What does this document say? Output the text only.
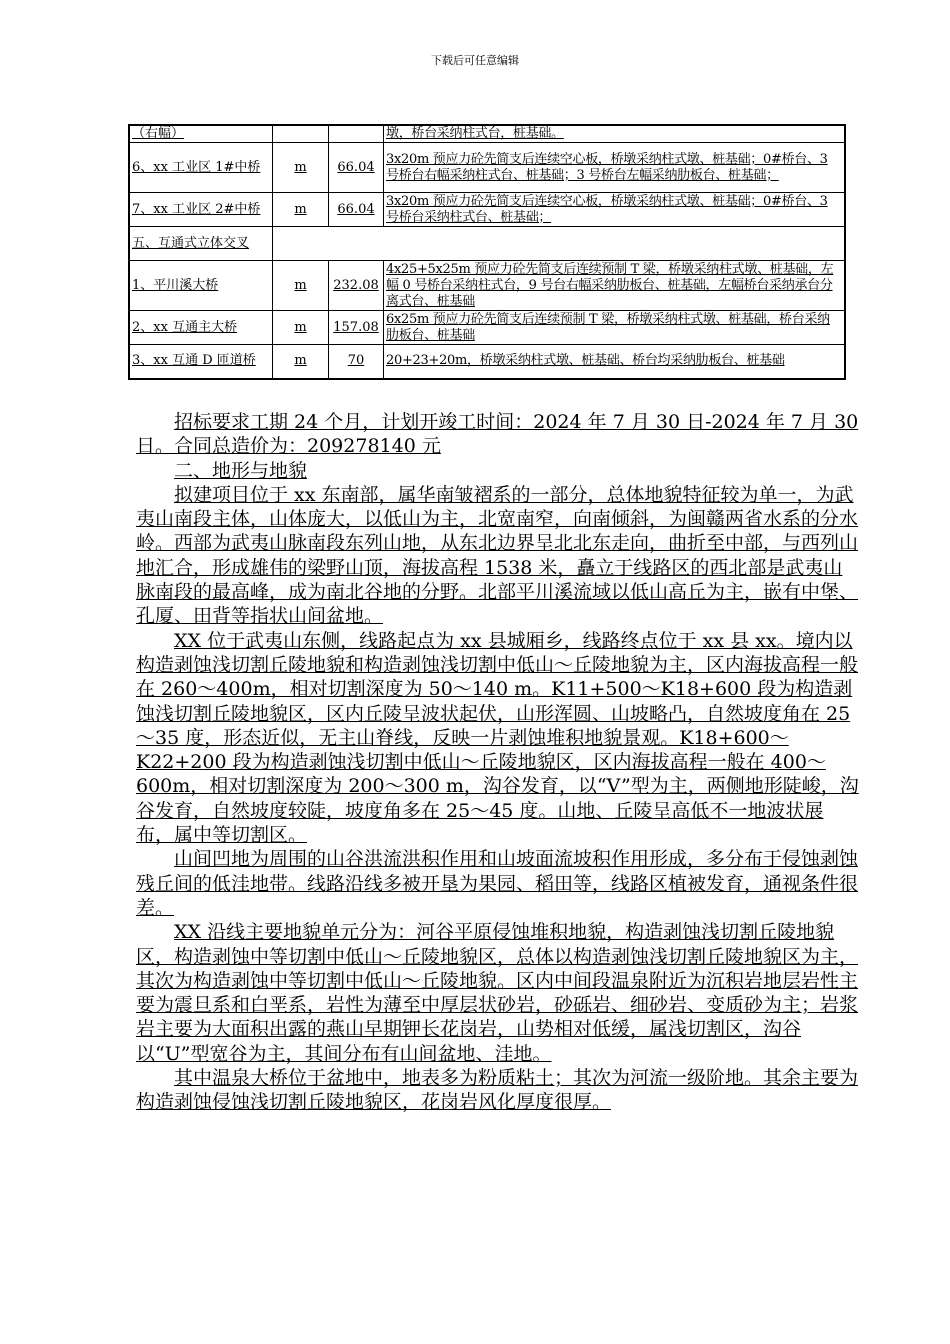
下载后可任意编辑
（右幅）			墩，桥台采纳柱式台，桩基础。
6、xx 工业区 1#中桥	m	66.04	3x20m 预应力砼先简支后连续空心板，桥墩采纳柱式墩、桩基础；0#桥台、3 号桥台右幅采纳柱式台、桩基础；3 号桥台左幅采纳肋板台、桩基础；
7、xx 工业区 2#中桥	m	66.04	3x20m 预应力砼先简支后连续空心板，桥墩采纳柱式墩、桩基础；0#桥台、3 号桥台采纳柱式台、桩基础；
五、互通式立体交叉			
1、平川溪大桥	m	232.08	4x25+5x25m 预应力砼先简支后连续预制 T 梁，桥墩采纳柱式墩、桩基础，左幅 0 号桥台采纳柱式台，9 号台右幅采纳肋板台、桩基础，左幅桥台采纳承台分离式台、桩基础
2、xx 互通主大桥	m	157.08	6x25m 预应力砼先简支后连续预制 T 梁，桥墩采纳柱式墩、桩基础，桥台采纳肋板台、桩基础
3、xx 互通 D 匝道桥	m	70	20+23+20m，桥墩采纳柱式墩、桩基础、桥台均采纳肋板台、桩基础

招标要求工期 24 个月，计划开竣工时间：2024 年 7 月 30 日-2024 年 7 月 30 日。合同总造价为：209278140 元

二、地形与地貌

拟建项目位于 xx 东南部，属华南皱褶系的一部分，总体地貌特征较为单一，为武夷山南段主体，山体庞大，以低山为主，北宽南窄，向南倾斜，为闽赣两省水系的分水岭。西部为武夷山脉南段东列山地，从东北边界呈北北东走向，曲折至中部，与西列山地汇合，形成雄伟的梁野山顶，海拔高程 1538 米，矗立于线路区的西北部是武夷山脉南段的最高峰，成为南北谷地的分野。北部平川溪流域以低山高丘为主，嵌有中堡、孔厦、田背等指状山间盆地。

XX 位于武夷山东侧，线路起点为 xx 县城厢乡，线路终点位于 xx 县 xx。境内以构造剥蚀浅切割丘陵地貌和构造剥蚀浅切割中低山～丘陵地貌为主，区内海拔高程一般在 260～400m，相对切割深度为 50～140 m。K11+500～K18+600 段为构造剥蚀浅切割丘陵地貌区，区内丘陵呈波状起伏，山形浑圆、山坡略凸，自然坡度角在 25～35 度，形态近似，无主山脊线，反映一片剥蚀堆积地貌景观。K18+600～K22+200 段为构造剥蚀浅切割中低山～丘陵地貌区，区内海拔高程一般在 400～600m，相对切割深度为 200～300 m，沟谷发育，以“V”型为主，两侧地形陡峻，沟谷发育，自然坡度较陡，坡度角多在 25～45 度。山地、丘陵呈高低不一地波状展布，属中等切割区。

山间凹地为周围的山谷洪流洪积作用和山坡面流坡积作用形成，多分布于侵蚀剥蚀残丘间的低洼地带。线路沿线多被开垦为果园、稻田等，线路区植被发育，通视条件很差。

XX 沿线主要地貌单元分为：河谷平原侵蚀堆积地貌，构造剥蚀浅切割丘陵地貌区，构造剥蚀中等切割中低山～丘陵地貌区，总体以构造剥蚀浅切割丘陵地貌区为主，其次为构造剥蚀中等切割中低山～丘陵地貌。区内中间段温泉附近为沉积岩地层岩性主要为震旦系和白垩系，岩性为薄至中厚层状砂岩，砂砾岩、细砂岩、变质砂为主；岩浆岩主要为大面积出露的燕山早期钾长花岗岩，山势相对低缓，属浅切割区，沟谷以“U”型宽谷为主，其间分布有山间盆地、洼地。

其中温泉大桥位于盆地中，地表多为粉质粘土；其次为河流一级阶地。其余主要为构造剥蚀侵蚀浅切割丘陵地貌区，花岗岩风化厚度很厚。
